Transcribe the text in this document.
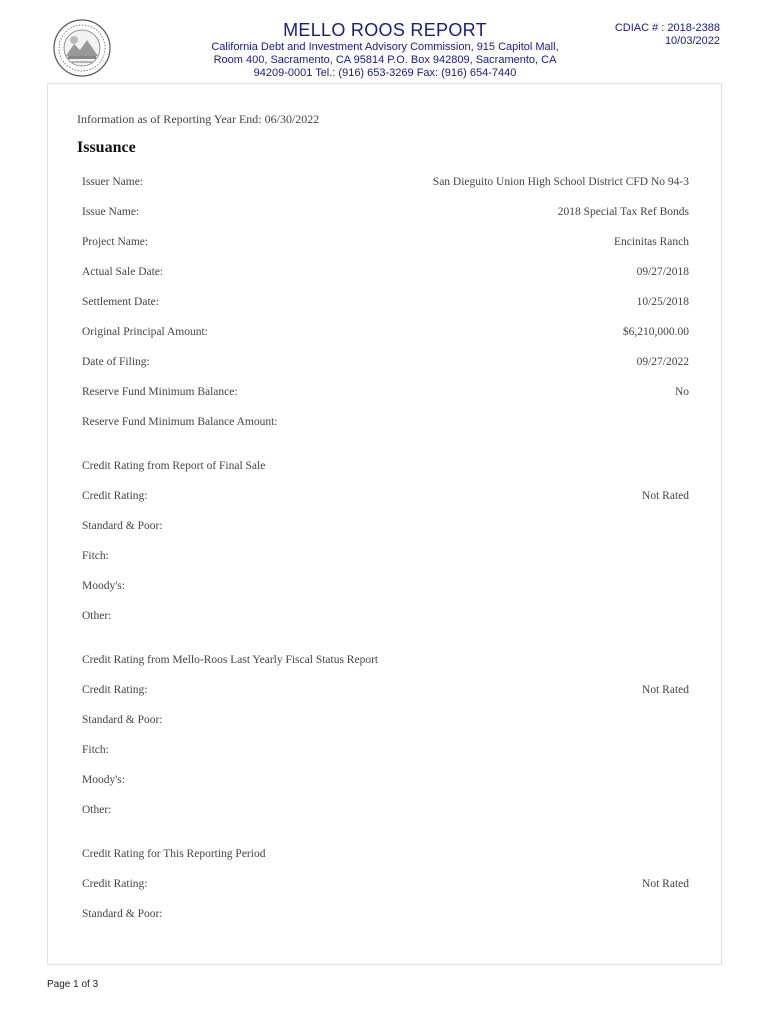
MELLO ROOS REPORT
California Debt and Investment Advisory Commission, 915 Capitol Mall,
Room 400, Sacramento, CA 95814 P.O. Box 942809, Sacramento, CA
94209-0001 Tel.: (916) 653-3269 Fax: (916) 654-7440
CDIAC # : 2018-2388
10/03/2022
Information as of Reporting Year End: 06/30/2022
Issuance
Issuer Name:	San Dieguito Union High School District CFD No 94-3
Issue Name:	2018 Special Tax Ref Bonds
Project Name:	Encinitas Ranch
Actual Sale Date:	09/27/2018
Settlement Date:	10/25/2018
Original Principal Amount:	$6,210,000.00
Date of Filing:	09/27/2022
Reserve Fund Minimum Balance:	No
Reserve Fund Minimum Balance Amount:
Credit Rating from Report of Final Sale
Credit Rating:	Not Rated
Standard & Poor:
Fitch:
Moody's:
Other:
Credit Rating from Mello-Roos Last Yearly Fiscal Status Report
Credit Rating:	Not Rated
Standard & Poor:
Fitch:
Moody's:
Other:
Credit Rating for This Reporting Period
Credit Rating:	Not Rated
Standard & Poor:
Page 1 of 3
